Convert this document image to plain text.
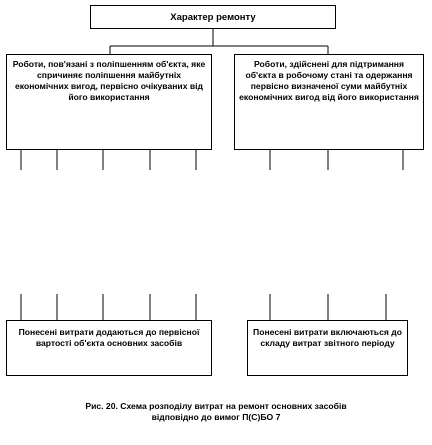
Характер ремонту
Роботи, пов'язані з поліпшенням об'єкта, яке спричиняє поліпшення майбутніх економічних вигод, первісно очікуваних від його використання
Роботи, здійснені для підтримання об'єкта в робочому стані та одержання первісно визначеної суми майбутніх економічних вигод від його використання
Понесені витрати додаються до первісної вартості об'єкта основних засобів
Понесені витрати включаються до складу витрат звітного періоду
Рис. 20. Схема розподілу витрат на ремонт основних засобів
відповідно до вимог П(С)БО 7
